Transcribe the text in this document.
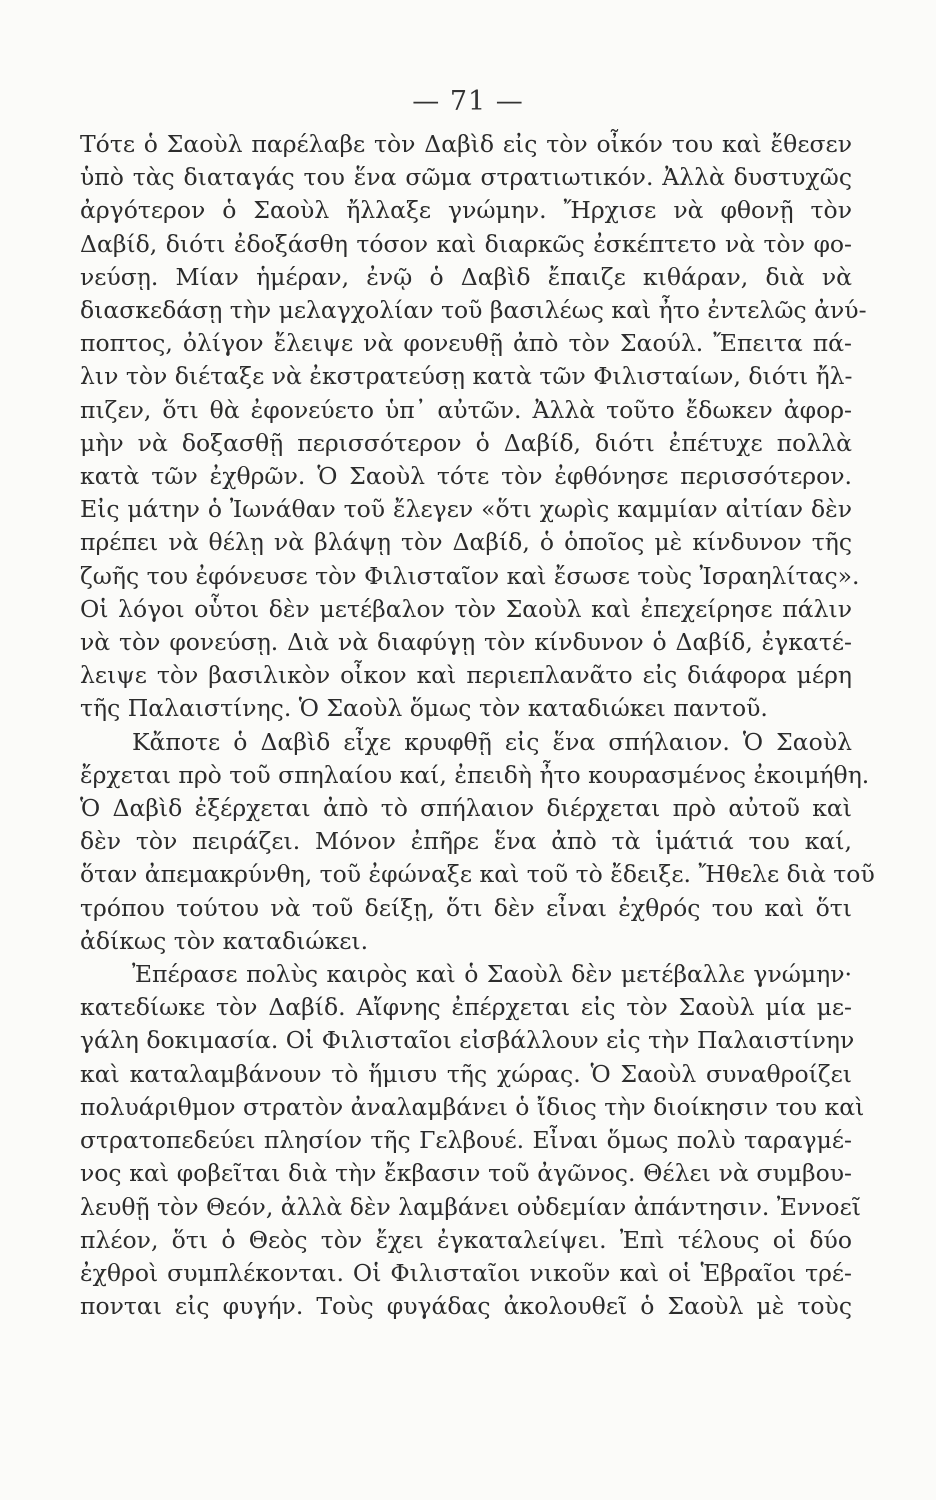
— 71 —

Τότε ὁ Σαοὺλ παρέλαβε τὸν Δαβὶδ εἰς τὸν οἶκόν του καὶ ἔθεσεν
ὑπὸ τὰς διαταγάς του ἕνα σῶμα στρατιωτικόν. Ἀλλὰ δυστυχῶς
ἀργότερον ὁ Σαοὺλ ἤλλαξε γνώμην. Ἤρχισε νὰ φθονῇ τὸν
Δαβίδ, διότι ἐδοξάσθη τόσον καὶ διαρκῶς ἐσκέπτετο νὰ τὸν φο-
νεύσῃ. Μίαν ἡμέραν, ἐνῷ ὁ Δαβὶδ ἔπαιζε κιθάραν, διὰ νὰ
διασκεδάσῃ τὴν μελαγχολίαν τοῦ βασιλέως καὶ ἦτο ἐντελῶς ἀνύ-
ποπτος, ὀλίγον ἔλειψε νὰ φονευθῇ ἀπὸ τὸν Σαούλ. Ἔπειτα πά-
λιν τὸν διέταξε νὰ ἐκστρατεύσῃ κατὰ τῶν Φιλισταίων, διότι ἤλ-
πιζεν, ὅτι θὰ ἐφονεύετο ὑπ᾽ αὐτῶν. Ἀλλὰ τοῦτο ἔδωκεν ἀφορ-
μὴν νὰ δοξασθῇ περισσότερον ὁ Δαβίδ, διότι ἐπέτυχε πολλὰ
κατὰ τῶν ἐχθρῶν. Ὁ Σαοὺλ τότε τὸν ἐφθόνησε περισσότερον.
Εἰς μάτην ὁ Ἰωνάθαν τοῦ ἔλεγεν «ὅτι χωρὶς καμμίαν αἰτίαν δὲν
πρέπει νὰ θέλῃ νὰ βλάψῃ τὸν Δαβίδ, ὁ ὁποῖος μὲ κίνδυνον τῆς
ζωῆς του ἐφόνευσε τὸν Φιλισταῖον καὶ ἔσωσε τοὺς Ἰσραηλίτας».
Οἱ λόγοι οὗτοι δὲν μετέβαλον τὸν Σαοὺλ καὶ ἐπεχείρησε πάλιν
νὰ τὸν φονεύσῃ. Διὰ νὰ διαφύγῃ τὸν κίνδυνον ὁ Δαβίδ, ἐγκατέ-
λειψε τὸν βασιλικὸν οἶκον καὶ περιεπλανᾶτο εἰς διάφορα μέρη
τῆς Παλαιστίνης. Ὁ Σαοὺλ ὅμως τὸν καταδιώκει παντοῦ.

Κἄποτε ὁ Δαβὶδ εἶχε κρυφθῇ εἰς ἕνα σπήλαιον. Ὁ Σαοὺλ
ἔρχεται πρὸ τοῦ σπηλαίου καί, ἐπειδὴ ἦτο κουρασμένος ἐκοιμήθη.
Ὁ Δαβὶδ ἐξέρχεται ἀπὸ τὸ σπήλαιον διέρχεται πρὸ αὐτοῦ καὶ
δὲν τὸν πειράζει. Μόνον ἐπῆρε ἕνα ἀπὸ τὰ ἱμάτιά του καί,
ὅταν ἀπεμακρύνθη, τοῦ ἐφώναξε καὶ τοῦ τὸ ἔδειξε. Ἤθελε διὰ τοῦ
τρόπου τούτου νὰ τοῦ δείξῃ, ὅτι δὲν εἶναι ἐχθρός του καὶ ὅτι
ἀδίκως τὸν καταδιώκει.

Ἐπέρασε πολὺς καιρὸς καὶ ὁ Σαοὺλ δὲν μετέβαλλε γνώμην·
κατεδίωκε τὸν Δαβίδ. Αἴφνης ἐπέρχεται εἰς τὸν Σαοὺλ μία με-
γάλη δοκιμασία. Οἱ Φιλισταῖοι εἰσβάλλουν εἰς τὴν Παλαιστίνην
καὶ καταλαμβάνουν τὸ ἥμισυ τῆς χώρας. Ὁ Σαοὺλ συναθροίζει
πολυάριθμον στρατὸν ἀναλαμβάνει ὁ ἴδιος τὴν διοίκησιν του καὶ
στρατοπεδεύει πλησίον τῆς Γελβουέ. Εἶναι ὅμως πολὺ ταραγμέ-
νος καὶ φοβεῖται διὰ τὴν ἔκβασιν τοῦ ἀγῶνος. Θέλει νὰ συμβου-
λευθῇ τὸν Θεόν, ἀλλὰ δὲν λαμβάνει οὐδεμίαν ἀπάντησιν. Ἐννοεῖ
πλέον, ὅτι ὁ Θεὸς τὸν ἔχει ἐγκαταλείψει. Ἐπὶ τέλους οἱ δύο
ἐχθροὶ συμπλέκονται. Οἱ Φιλισταῖοι νικοῦν καὶ οἱ Ἑβραῖοι τρέ-
πονται εἰς φυγήν. Τοὺς φυγάδας ἀκολουθεῖ ὁ Σαοὺλ μὲ τοὺς
